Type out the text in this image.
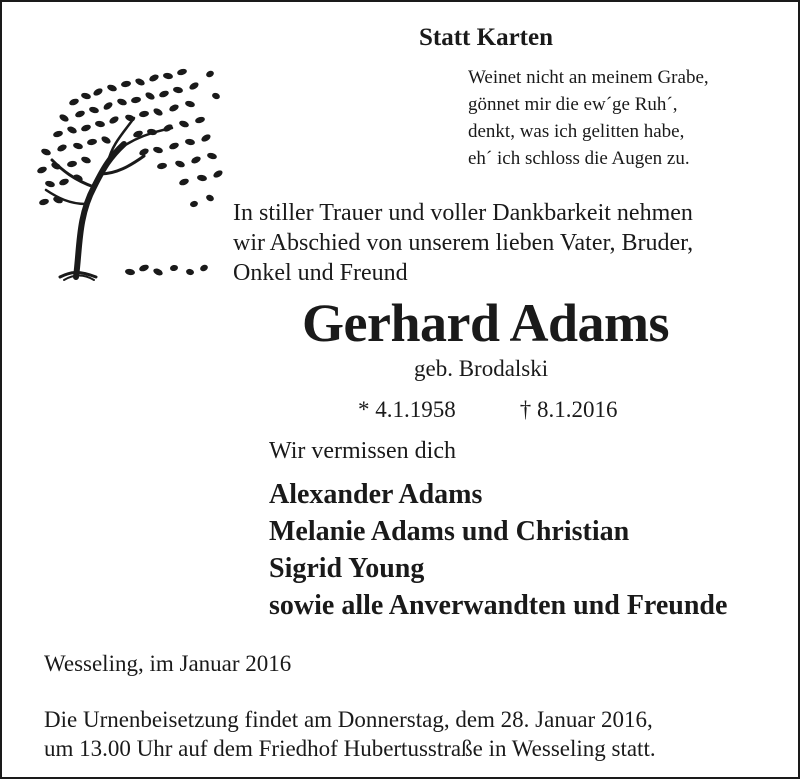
Statt Karten
Weinet nicht an meinem Grabe,
gönnet mir die ew´ge Ruh´,
denkt, was ich gelitten habe,
eh´ ich schloss die Augen zu.
In stiller Trauer und voller Dankbarkeit nehmen
wir Abschied von unserem lieben Vater, Bruder,
Onkel und Freund
Gerhard Adams
geb. Brodalski
* 4.1.1958	† 8.1.2016
Wir vermissen dich
Alexander Adams
Melanie Adams und Christian
Sigrid Young
sowie alle Anverwandten und Freunde
Wesseling, im Januar 2016
Die Urnenbeisetzung findet am Donnerstag, dem 28. Januar 2016,
um 13.00 Uhr auf dem Friedhof Hubertusstraße in Wesseling statt.
